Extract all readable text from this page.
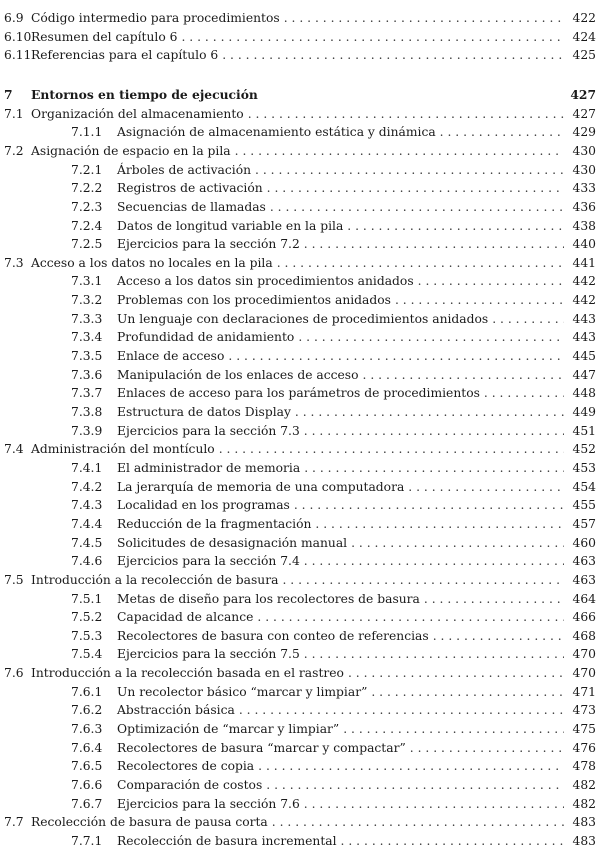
6.9 Código intermedio para procedimientos . . .	422
6.10 Resumen del capítulo 6 . . .	424
6.11 Referencias para el capítulo 6 . . .	425
7 Entornos en tiempo de ejecución	427
7.1 Organización del almacenamiento . . .	427
7.1.1 Asignación de almacenamiento estática y dinámica . . .	429
7.2 Asignación de espacio en la pila . . .	430
7.2.1 Árboles de activación . . .	430
7.2.2 Registros de activación . . .	433
7.2.3 Secuencias de llamadas . . .	436
7.2.4 Datos de longitud variable en la pila . . .	438
7.2.5 Ejercicios para la sección 7.2 . . .	440
7.3 Acceso a los datos no locales en la pila . . .	441
7.3.1 Acceso a los datos sin procedimientos anidados . . .	442
7.3.2 Problemas con los procedimientos anidados . . .	442
7.3.3 Un lenguaje con declaraciones de procedimientos anidados . . .	443
7.3.4 Profundidad de anidamiento . . .	443
7.3.5 Enlace de acceso . . .	445
7.3.6 Manipulación de los enlaces de acceso . . .	447
7.3.7 Enlaces de acceso para los parámetros de procedimientos . . .	448
7.3.8 Estructura de datos Display . . .	449
7.3.9 Ejercicios para la sección 7.3 . . .	451
7.4 Administración del montículo . . .	452
7.4.1 El administrador de memoria . . .	453
7.4.2 La jerarquía de memoria de una computadora . . .	454
7.4.3 Localidad en los programas . . .	455
7.4.4 Reducción de la fragmentación . . .	457
7.4.5 Solicitudes de desasignación manual . . .	460
7.4.6 Ejercicios para la sección 7.4 . . .	463
7.5 Introducción a la recolección de basura . . .	463
7.5.1 Metas de diseño para los recolectores de basura . . .	464
7.5.2 Capacidad de alcance . . .	466
7.5.3 Recolectores de basura con conteo de referencias . . .	468
7.5.4 Ejercicios para la sección 7.5 . . .	470
7.6 Introducción a la recolección basada en el rastreo . . .	470
7.6.1 Un recolector básico “marcar y limpiar” . . .	471
7.6.2 Abstracción básica . . .	473
7.6.3 Optimización de “marcar y limpiar” . . .	475
7.6.4 Recolectores de basura “marcar y compactar” . . .	476
7.6.5 Recolectores de copia . . .	478
7.6.6 Comparación de costos . . .	482
7.6.7 Ejercicios para la sección 7.6 . . .	482
7.7 Recolección de basura de pausa corta . . .	483
7.7.1 Recolección de basura incremental . . .	483
